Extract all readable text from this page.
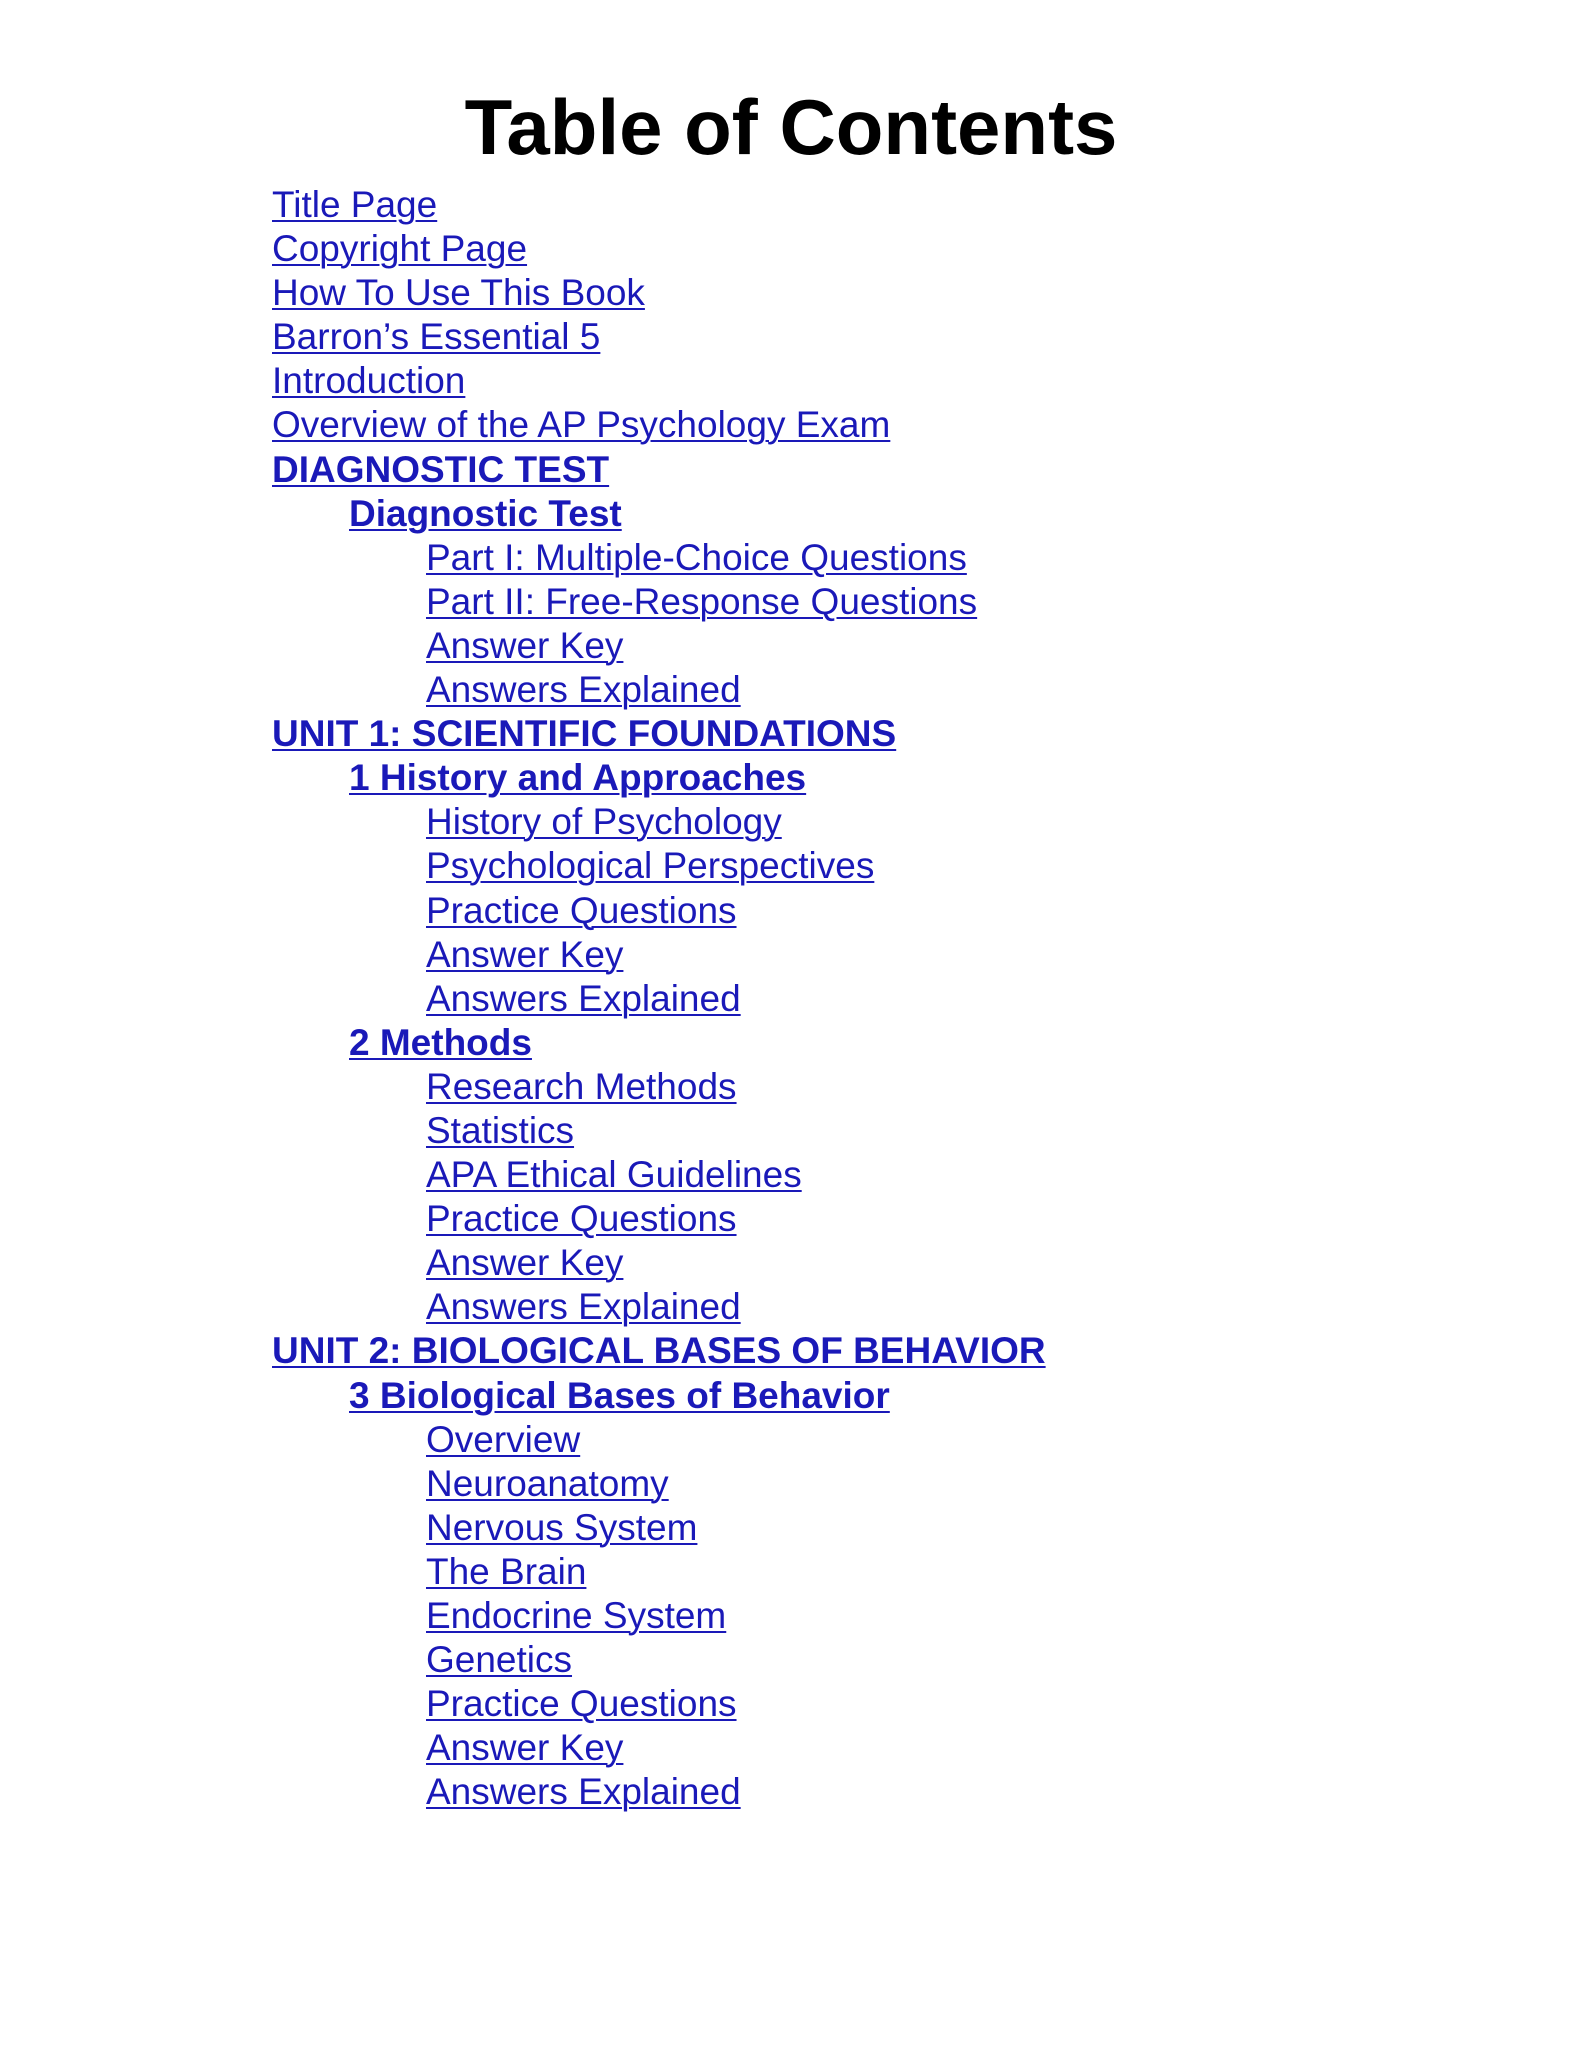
Table of Contents
Title Page
Copyright Page
How To Use This Book
Barron’s Essential 5
Introduction
Overview of the AP Psychology Exam
DIAGNOSTIC TEST
Diagnostic Test
Part I: Multiple-Choice Questions
Part II: Free-Response Questions
Answer Key
Answers Explained
UNIT 1: SCIENTIFIC FOUNDATIONS
1 History and Approaches
History of Psychology
Psychological Perspectives
Practice Questions
Answer Key
Answers Explained
2 Methods
Research Methods
Statistics
APA Ethical Guidelines
Practice Questions
Answer Key
Answers Explained
UNIT 2: BIOLOGICAL BASES OF BEHAVIOR
3 Biological Bases of Behavior
Overview
Neuroanatomy
Nervous System
The Brain
Endocrine System
Genetics
Practice Questions
Answer Key
Answers Explained
